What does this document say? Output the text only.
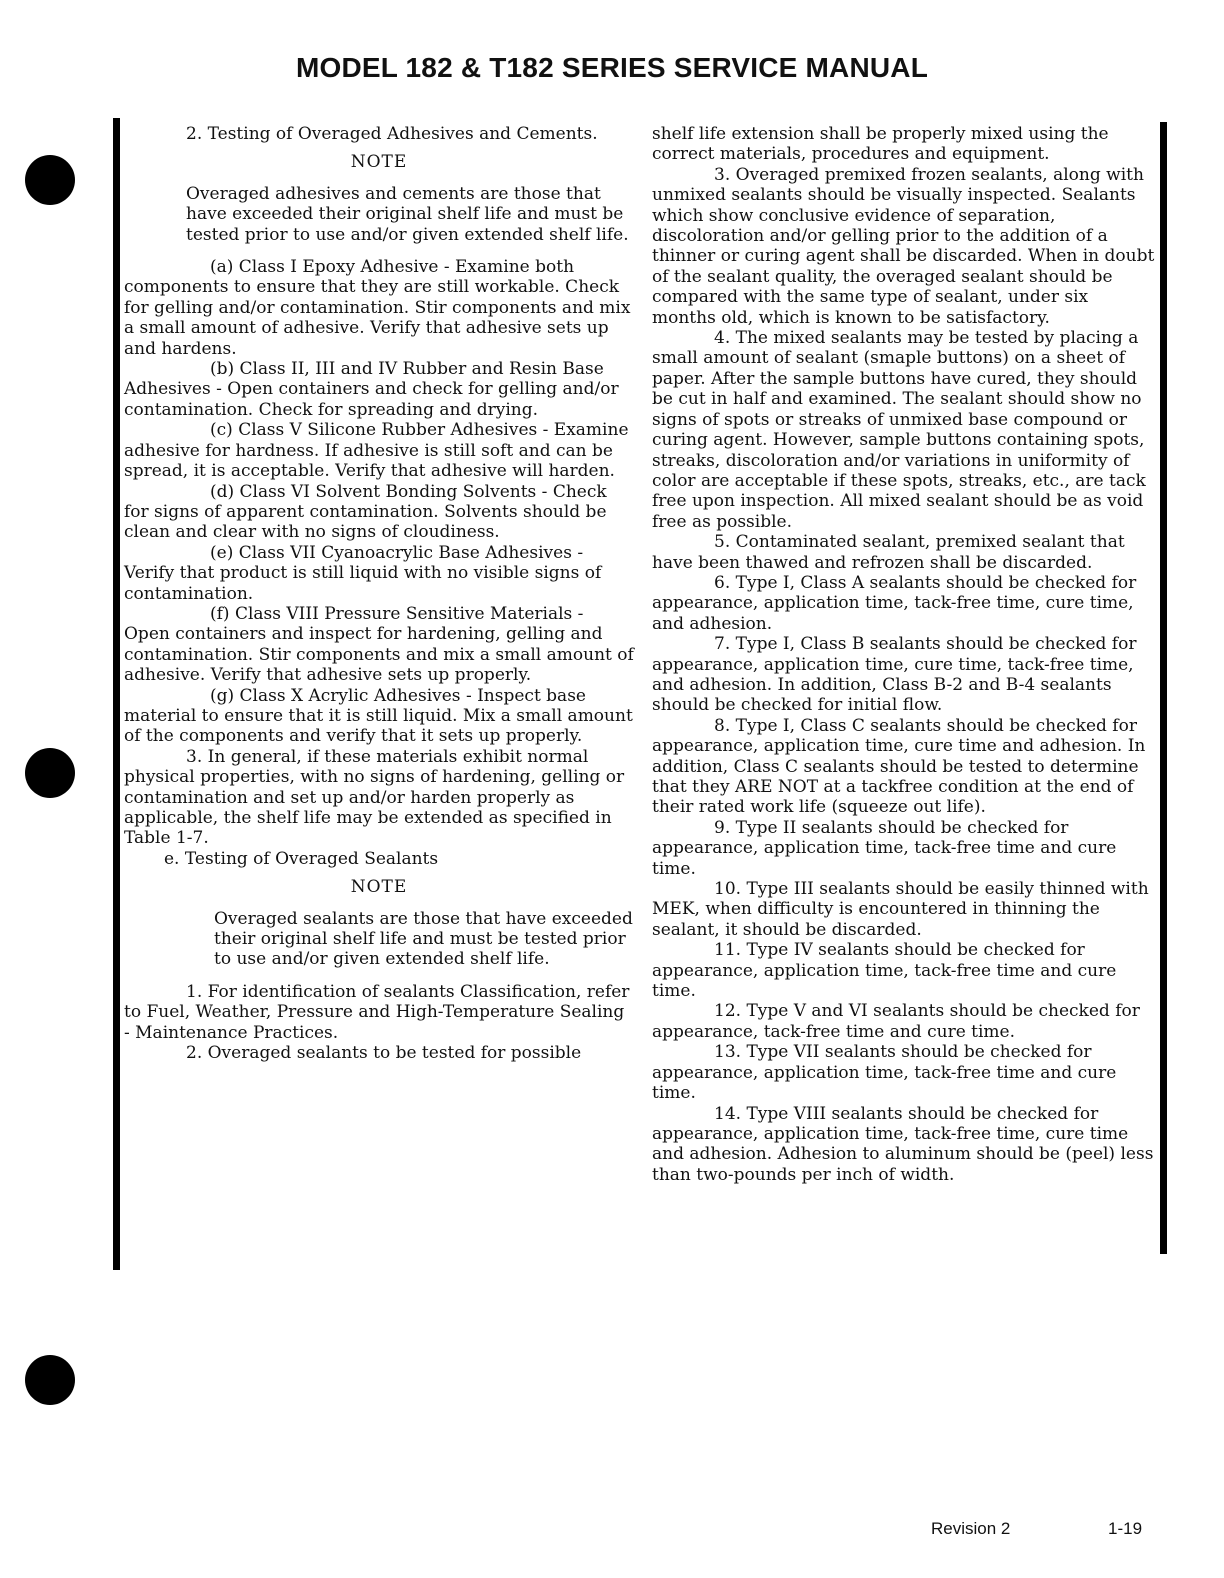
MODEL 182 & T182 SERIES SERVICE MANUAL

2. Testing of Overaged Adhesives and Cements.

NOTE

Overaged adhesives and cements are those that have exceeded their original shelf life and must be tested prior to use and/or given extended shelf life.

(a) Class I Epoxy Adhesive - Examine both components to ensure that they are still workable. Check for gelling and/or contamination. Stir components and mix a small amount of adhesive. Verify that adhesive sets up and hardens.

(b) Class II, III and IV Rubber and Resin Base Adhesives - Open containers and check for gelling and/or contamination. Check for spreading and drying.

(c) Class V Silicone Rubber Adhesives - Examine adhesive for hardness. If adhesive is still soft and can be spread, it is acceptable. Verify that adhesive will harden.

(d) Class VI Solvent Bonding Solvents - Check for signs of apparent contamination. Solvents should be clean and clear with no signs of cloudiness.

(e) Class VII Cyanoacrylic Base Adhesives - Verify that product is still liquid with no visible signs of contamination.

(f) Class VIII Pressure Sensitive Materials - Open containers and inspect for hardening, gelling and contamination. Stir components and mix a small amount of adhesive. Verify that adhesive sets up properly.

(g) Class X Acrylic Adhesives - Inspect base material to ensure that it is still liquid. Mix a small amount of the components and verify that it sets up properly.

3. In general, if these materials exhibit normal physical properties, with no signs of hardening, gelling or contamination and set up and/or harden properly as applicable, the shelf life may be extended as specified in Table 1-7.

e. Testing of Overaged Sealants

NOTE

Overaged sealants are those that have exceeded their original shelf life and must be tested prior to use and/or given extended shelf life.

1. For identification of sealants Classification, refer to Fuel, Weather, Pressure and High-Temperature Sealing - Maintenance Practices.

2. Overaged sealants to be tested for possible

shelf life extension shall be properly mixed using the correct materials, procedures and equipment.

3. Overaged premixed frozen sealants, along with unmixed sealants should be visually inspected. Sealants which show conclusive evidence of separation, discoloration and/or gelling prior to the addition of a thinner or curing agent shall be discarded. When in doubt of the sealant quality, the overaged sealant should be compared with the same type of sealant, under six months old, which is known to be satisfactory.

4. The mixed sealants may be tested by placing a small amount of sealant (smaple buttons) on a sheet of paper. After the sample buttons have cured, they should be cut in half and examined. The sealant should show no signs of spots or streaks of unmixed base compound or curing agent. However, sample buttons containing spots, streaks, discoloration and/or variations in uniformity of color are acceptable if these spots, streaks, etc., are tack free upon inspection. All mixed sealant should be as void free as possible.

5. Contaminated sealant, premixed sealant that have been thawed and refrozen shall be discarded.

6. Type I, Class A sealants should be checked for appearance, application time, tack-free time, cure time, and adhesion.

7. Type I, Class B sealants should be checked for appearance, application time, cure time, tack-free time, and adhesion. In addition, Class B-2 and B-4 sealants should be checked for initial flow.

8. Type I, Class C sealants should be checked for appearance, application time, cure time and adhesion. In addition, Class C sealants should be tested to determine that they ARE NOT at a tackfree condition at the end of their rated work life (squeeze out life).

9. Type II sealants should be checked for appearance, application time, tack-free time and cure time.

10. Type III sealants should be easily thinned with MEK, when difficulty is encountered in thinning the sealant, it should be discarded.

11. Type IV sealants should be checked for appearance, application time, tack-free time and cure time.

12. Type V and VI sealants should be checked for appearance, tack-free time and cure time.

13. Type VII sealants should be checked for appearance, application time, tack-free time and cure time.

14. Type VIII sealants should be checked for appearance, application time, tack-free time, cure time and adhesion. Adhesion to aluminum should be (peel) less than two-pounds per inch of width.

Revision 2	1-19
